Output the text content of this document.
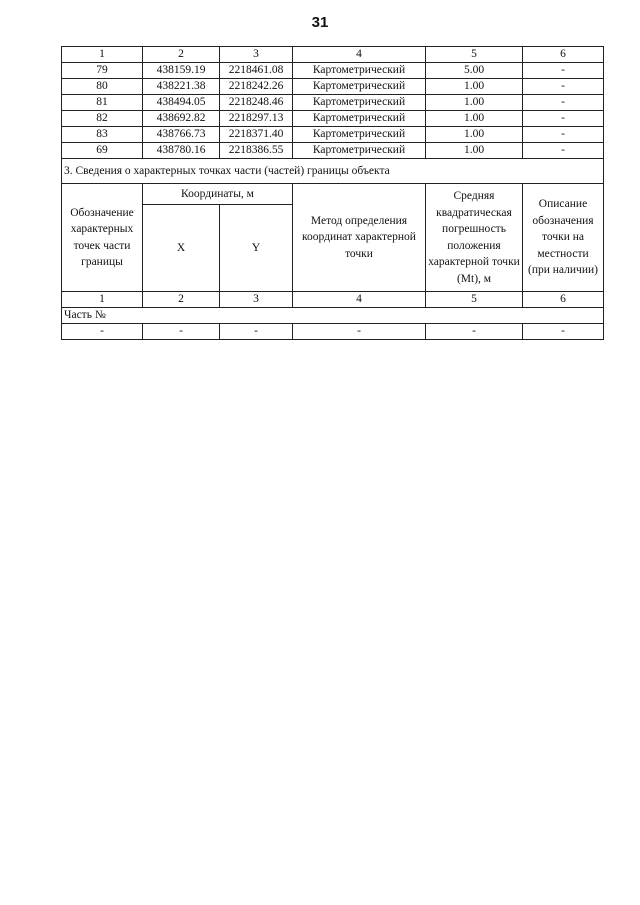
31
1	2	3	4	5	6
79	438159.19	2218461.08	Картометрический	5.00	-
80	438221.38	2218242.26	Картометрический	1.00	-
81	438494.05	2218248.46	Картометрический	1.00	-
82	438692.82	2218297.13	Картометрический	1.00	-
83	438766.73	2218371.40	Картометрический	1.00	-
69	438780.16	2218386.55	Картометрический	1.00	-
3. Сведения о характерных точках части (частей) границы объекта					
Обозначение характерных точек части границы	Координаты, м		Метод определения координат характерной точки	Средняя квадратическая погрешность положения характерной точки (Mt), м	Описание обозначения точки на местности (при наличии)
	X	Y			
1	2	3	4	5	6
Часть №					
-	-	-	-	-	-
